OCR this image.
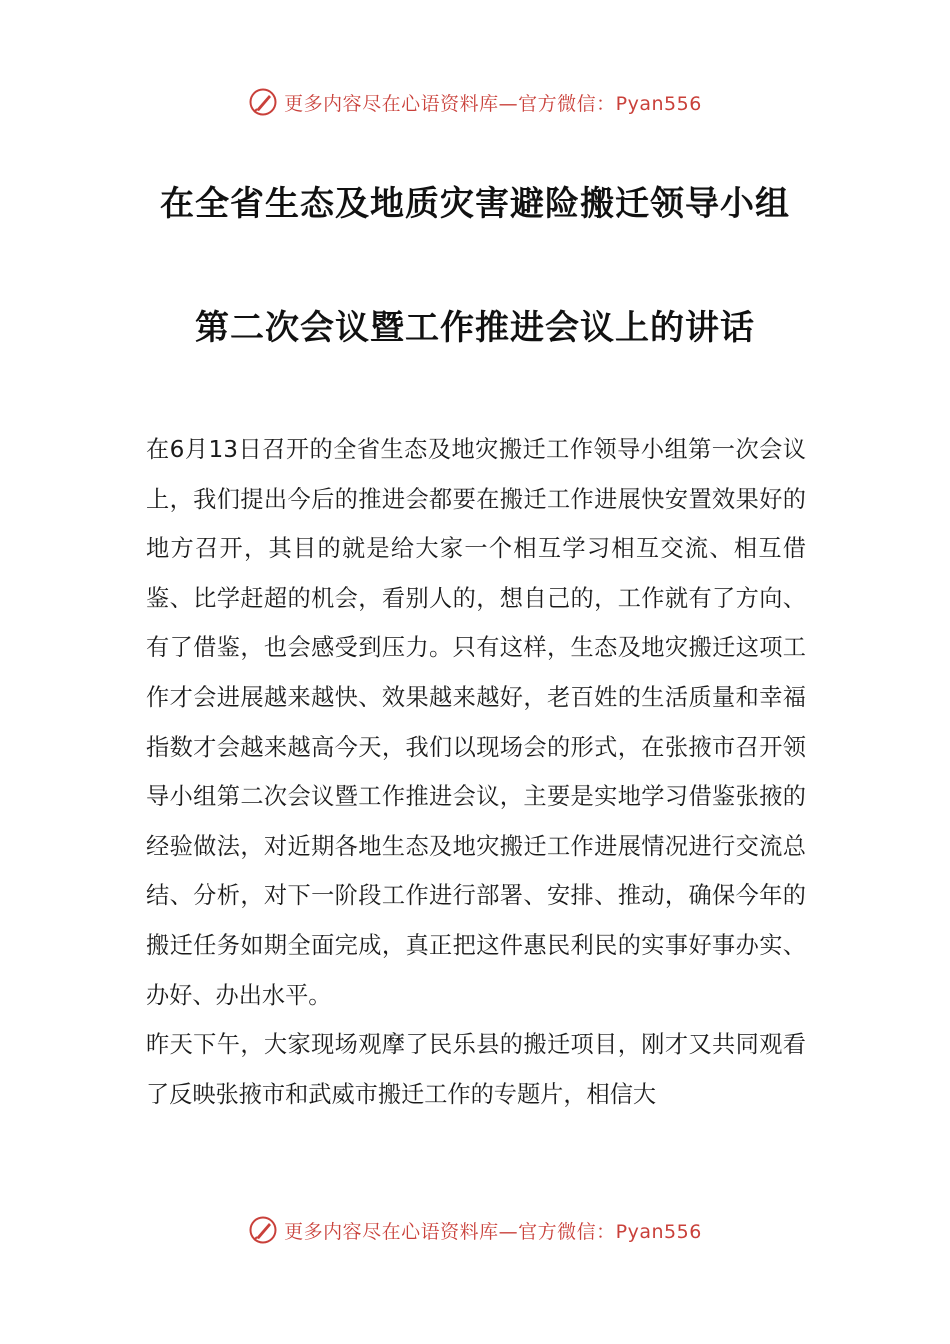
更多内容尽在心语资料库—官方微信：Pyan556
在全省生态及地质灾害避险搬迁领导小组
第二次会议暨工作推进会议上的讲话

在6月13日召开的全省生态及地灾搬迁工作领导小组第一次会议上，我们提出今后的推进会都要在搬迁工作进展快安置效果好的地方召开，其目的就是给大家一个相互学习相互交流、相互借鉴、比学赶超的机会，看别人的，想自己的，工作就有了方向、有了借鉴，也会感受到压力。只有这样，生态及地灾搬迁这项工作才会进展越来越快、效果越来越好，老百姓的生活质量和幸福指数才会越来越高今天，我们以现场会的形式，在张掖市召开领导小组第二次会议暨工作推进会议，主要是实地学习借鉴张掖的经验做法，对近期各地生态及地灾搬迁工作进展情况进行交流总结、分析，对下一阶段工作进行部署、安排、推动，确保今年的搬迁任务如期全面完成，真正把这件惠民利民的实事好事办实、办好、办出水平。

昨天下午，大家现场观摩了民乐县的搬迁项目，刚才又共同观看了反映张掖市和武威市搬迁工作的专题片，相信大

更多内容尽在心语资料库—官方微信：Pyan556
